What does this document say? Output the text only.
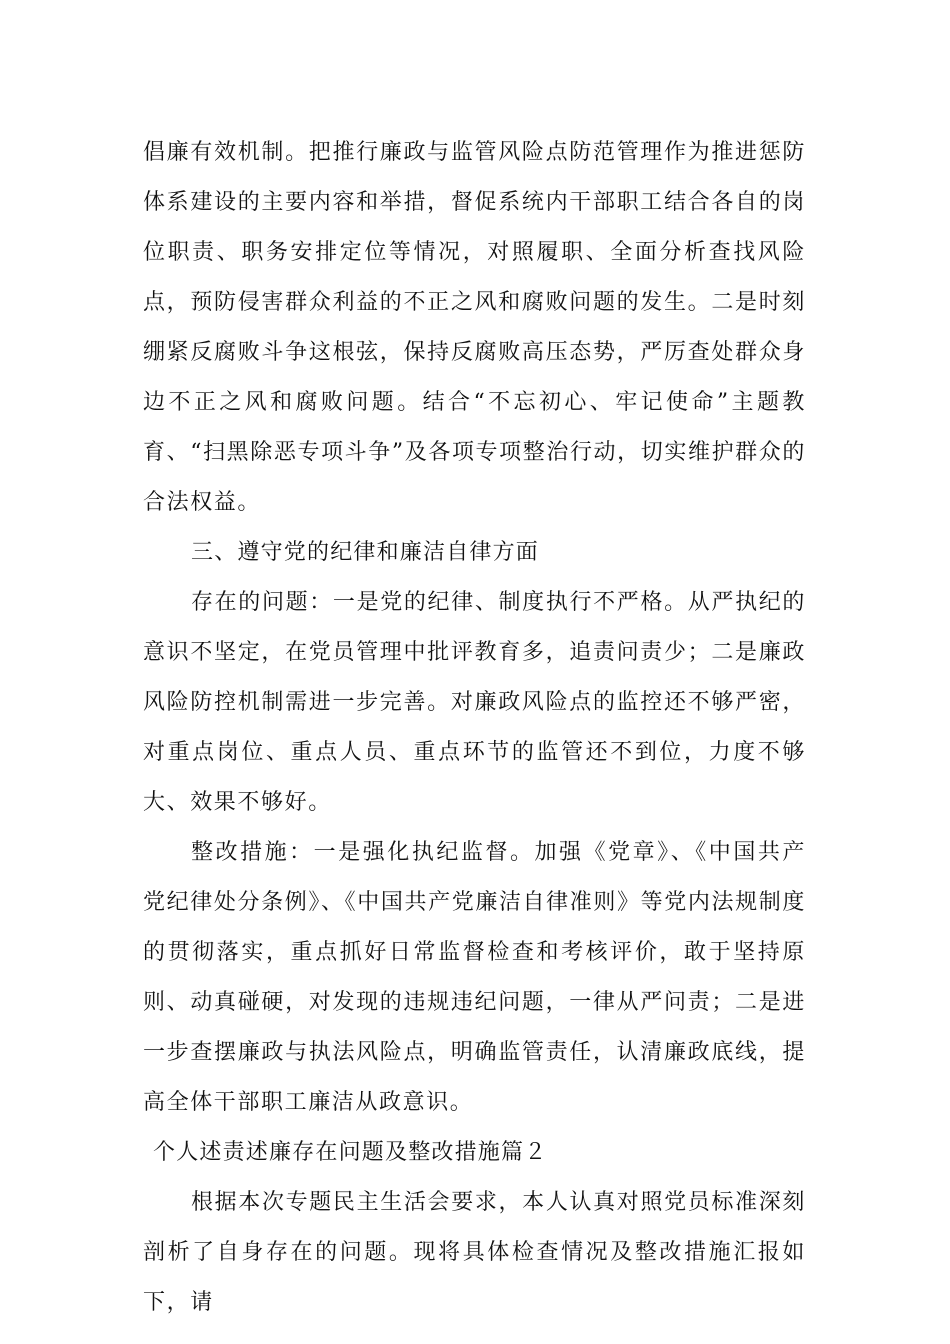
倡廉有效机制。把推行廉政与监管风险点防范管理作为推进惩防体系建设的主要内容和举措，督促系统内干部职工结合各自的岗位职责、职务安排定位等情况，对照履职、全面分析查找风险点，预防侵害群众利益的不正之风和腐败问题的发生。二是时刻绷紧反腐败斗争这根弦，保持反腐败高压态势，严厉查处群众身边不正之风和腐败问题。结合“不忘初心、牢记使命”主题教育、“扫黑除恶专项斗争”及各项专项整治行动，切实维护群众的合法权益。

三、遵守党的纪律和廉洁自律方面

存在的问题：一是党的纪律、制度执行不严格。从严执纪的意识不坚定，在党员管理中批评教育多，追责问责少；二是廉政风险防控机制需进一步完善。对廉政风险点的监控还不够严密，对重点岗位、重点人员、重点环节的监管还不到位，力度不够大、效果不够好。

整改措施：一是强化执纪监督。加强《党章》、《中国共产党纪律处分条例》、《中国共产党廉洁自律准则》等党内法规制度的贯彻落实，重点抓好日常监督检查和考核评价，敢于坚持原则、动真碰硬，对发现的违规违纪问题，一律从严问责；二是进一步查摆廉政与执法风险点，明确监管责任，认清廉政底线，提高全体干部职工廉洁从政意识。

个人述责述廉存在问题及整改措施篇２

根据本次专题民主生活会要求，本人认真对照党员标准深刻剖析了自身存在的问题。现将具体检查情况及整改措施汇报如下，请
